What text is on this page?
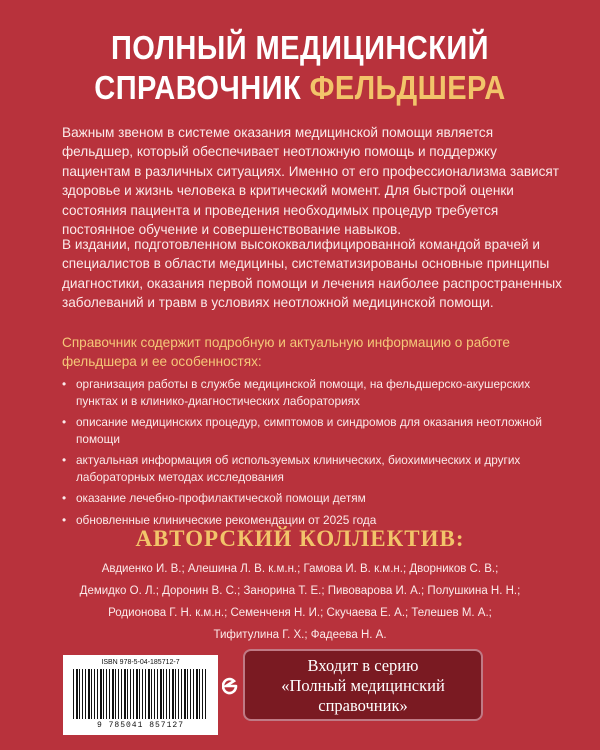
ПОЛНЫЙ МЕДИЦИНСКИЙ
СПРАВОЧНИК ФЕЛЬДШЕРА

Важным звеном в системе оказания медицинской помощи является фельдшер, который обеспечивает неотложную помощь и поддержку пациентам в различных ситуациях. Именно от его профессионализма зависят здоровье и жизнь человека в критический момент. Для быстрой оценки состояния пациента и проведения необходимых процедур требуется постоянное обучение и совершенствование навыков.

В издании, подготовленном высококвалифицированной командой врачей и специалистов в области медицины, систематизированы основные принципы диагностики, оказания первой помощи и лечения наиболее распространенных заболеваний и травм в условиях неотложной медицинской помощи.

Справочник содержит подробную и актуальную информацию о работе фельдшера и ее особенностях:

• организация работы в службе медицинской помощи, на фельдшерско-акушерских пунктах и в клинико-диагностических лабораториях
• описание медицинских процедур, симптомов и синдромов для оказания неотложной помощи
• актуальная информация об используемых клинических, биохимических и других лабораторных методах исследования
• оказание лечебно-профилактической помощи детям
• обновленные клинические рекомендации от 2025 года
АВТОРСКИЙ КОЛЛЕКТИВ:
Авдиенко И. В.; Алешина Л. В. к.м.н.; Гамова И. В. к.м.н.; Дворников С. В.;
Демидко О. Л.; Доронин В. С.; Занорина Т. Е.; Пивоварова И. А.; Полушкина Н. Н.;
Родионова Г. Н. к.м.н.; Семенченя Н. И.; Скучаева Е. А.; Телешев М. А.;
Тифитулина Г. Х.; Фадеева Н. А.
ISBN 978-5-04-185712-7
9 785041 857127
Входит в серию
«Полный медицинский
справочник»
